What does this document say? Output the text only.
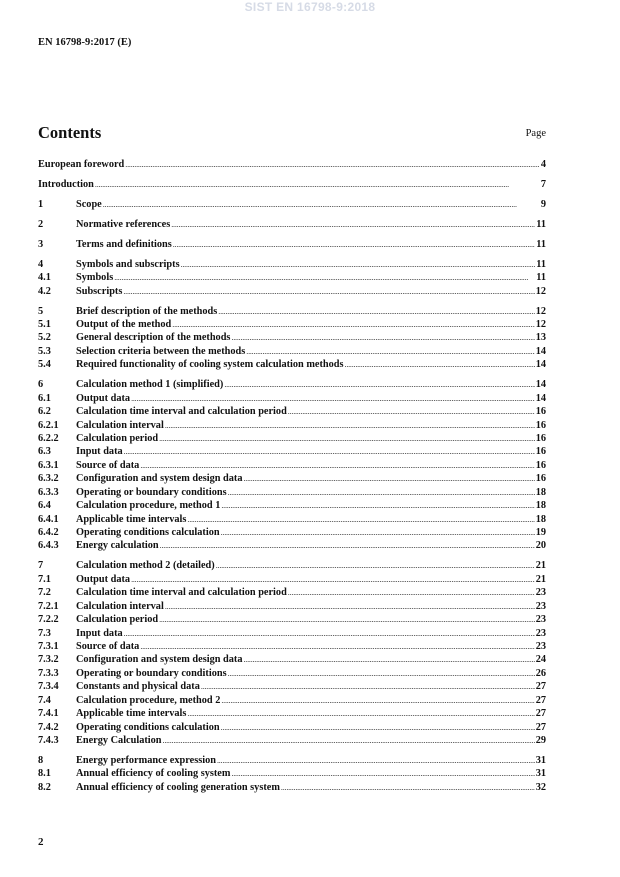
SIST EN 16798-9:2018
EN 16798-9:2017 (E)
Contents	Page
European foreword .....	4
Introduction .....	7
1	Scope .....	9
2	Normative references .....	11
3	Terms and definitions .....	11
4	Symbols and subscripts .....	11
4.1	Symbols .....	11
4.2	Subscripts .....	12
5	Brief description of the methods .....	12
5.1	Output of the method .....	12
5.2	General description of the methods .....	13
5.3	Selection criteria between the methods .....	14
5.4	Required functionality of cooling system calculation methods .....	14
6	Calculation method 1 (simplified) .....	14
6.1	Output data .....	14
6.2	Calculation time interval and calculation period .....	16
6.2.1	Calculation interval .....	16
6.2.2	Calculation period .....	16
6.3	Input data .....	16
6.3.1	Source of data .....	16
6.3.2	Configuration and system design data .....	16
6.3.3	Operating or boundary conditions .....	18
6.4	Calculation procedure, method 1 .....	18
6.4.1	Applicable time intervals .....	18
6.4.2	Operating conditions calculation .....	19
6.4.3	Energy calculation .....	20
7	Calculation method 2 (detailed) .....	21
7.1	Output data .....	21
7.2	Calculation time interval and calculation period .....	23
7.2.1	Calculation interval .....	23
7.2.2	Calculation period .....	23
7.3	Input data .....	23
7.3.1	Source of data .....	23
7.3.2	Configuration and system design data .....	24
7.3.3	Operating or boundary conditions .....	26
7.3.4	Constants and physical data .....	27
7.4	Calculation procedure, method 2 .....	27
7.4.1	Applicable time intervals .....	27
7.4.2	Operating conditions calculation .....	27
7.4.3	Energy Calculation .....	29
8	Energy performance expression .....	31
8.1	Annual efficiency of cooling system .....	31
8.2	Annual efficiency of cooling generation system .....	32
2
